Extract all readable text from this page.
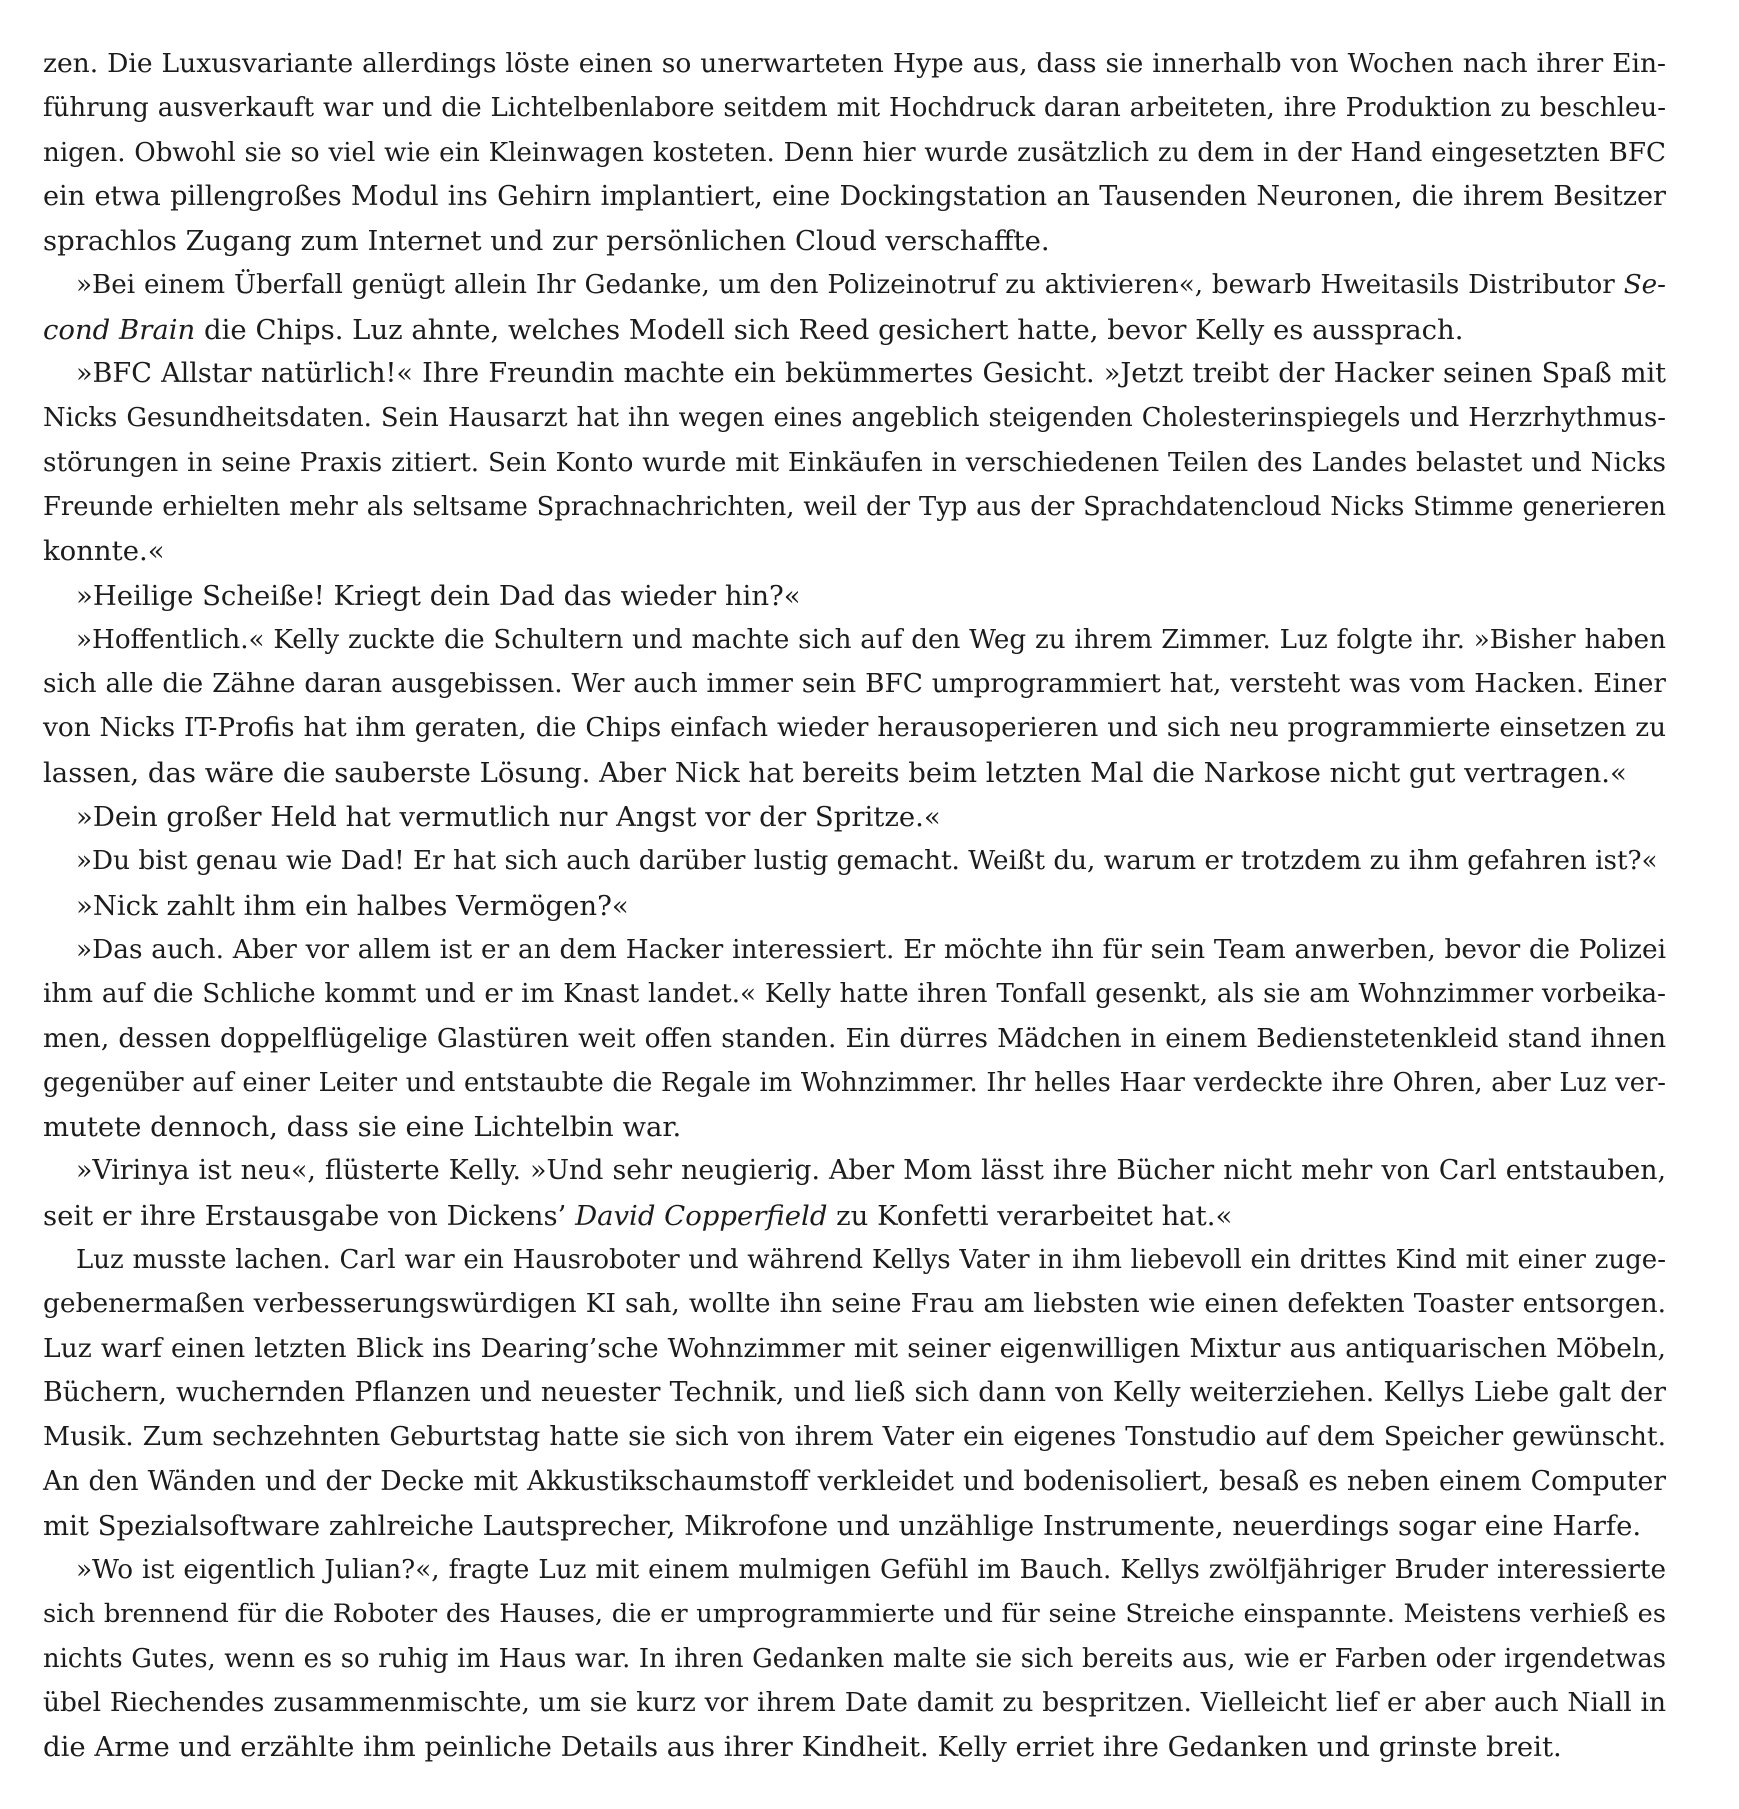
zen. Die Luxusvariante allerdings löste einen so unerwarteten Hype aus, dass sie innerhalb von Wochen nach ihrer Ein-
führung ausverkauft war und die Lichtelbenlabore seitdem mit Hochdruck daran arbeiteten, ihre Produktion zu beschleu-
nigen. Obwohl sie so viel wie ein Kleinwagen kosteten. Denn hier wurde zusätzlich zu dem in der Hand eingesetzten BFC
ein etwa pillengroßes Modul ins Gehirn implantiert, eine Dockingstation an Tausenden Neuronen, die ihrem Besitzer
sprachlos Zugang zum Internet und zur persönlichen Cloud verschaffte.
»Bei einem Überfall genügt allein Ihr Gedanke, um den Polizeinotruf zu aktivieren«, bewarb Hweitasils Distributor Se-
cond Brain die Chips. Luz ahnte, welches Modell sich Reed gesichert hatte, bevor Kelly es aussprach.
»BFC Allstar natürlich!« Ihre Freundin machte ein bekümmertes Gesicht. »Jetzt treibt der Hacker seinen Spaß mit
Nicks Gesundheitsdaten. Sein Hausarzt hat ihn wegen eines angeblich steigenden Cholesterinspiegels und Herzrhythmus-
störungen in seine Praxis zitiert. Sein Konto wurde mit Einkäufen in verschiedenen Teilen des Landes belastet und Nicks
Freunde erhielten mehr als seltsame Sprachnachrichten, weil der Typ aus der Sprachdatencloud Nicks Stimme generieren
konnte.«
»Heilige Scheiße! Kriegt dein Dad das wieder hin?«
»Hoffentlich.« Kelly zuckte die Schultern und machte sich auf den Weg zu ihrem Zimmer. Luz folgte ihr. »Bisher haben
sich alle die Zähne daran ausgebissen. Wer auch immer sein BFC umprogrammiert hat, versteht was vom Hacken. Einer
von Nicks IT-Profis hat ihm geraten, die Chips einfach wieder herausoperieren und sich neu programmierte einsetzen zu
lassen, das wäre die sauberste Lösung. Aber Nick hat bereits beim letzten Mal die Narkose nicht gut vertragen.«
»Dein großer Held hat vermutlich nur Angst vor der Spritze.«
»Du bist genau wie Dad! Er hat sich auch darüber lustig gemacht. Weißt du, warum er trotzdem zu ihm gefahren ist?«
»Nick zahlt ihm ein halbes Vermögen?«
»Das auch. Aber vor allem ist er an dem Hacker interessiert. Er möchte ihn für sein Team anwerben, bevor die Polizei
ihm auf die Schliche kommt und er im Knast landet.« Kelly hatte ihren Tonfall gesenkt, als sie am Wohnzimmer vorbeika-
men, dessen doppelflügelige Glastüren weit offen standen. Ein dürres Mädchen in einem Bedienstetenkleid stand ihnen
gegenüber auf einer Leiter und entstaubte die Regale im Wohnzimmer. Ihr helles Haar verdeckte ihre Ohren, aber Luz ver-
mutete dennoch, dass sie eine Lichtelbin war.
»Virinya ist neu«, flüsterte Kelly. »Und sehr neugierig. Aber Mom lässt ihre Bücher nicht mehr von Carl entstauben,
seit er ihre Erstausgabe von Dickens’ David Copperfield zu Konfetti verarbeitet hat.«
Luz musste lachen. Carl war ein Hausroboter und während Kellys Vater in ihm liebevoll ein drittes Kind mit einer zuge-
gebenermaßen verbesserungswürdigen KI sah, wollte ihn seine Frau am liebsten wie einen defekten Toaster entsorgen.
Luz warf einen letzten Blick ins Dearing’sche Wohnzimmer mit seiner eigenwilligen Mixtur aus antiquarischen Möbeln,
Büchern, wuchernden Pflanzen und neuester Technik, und ließ sich dann von Kelly weiterziehen. Kellys Liebe galt der
Musik. Zum sechzehnten Geburtstag hatte sie sich von ihrem Vater ein eigenes Tonstudio auf dem Speicher gewünscht.
An den Wänden und der Decke mit Akkustikschaumstoff verkleidet und bodenisoliert, besaß es neben einem Computer
mit Spezialsoftware zahlreiche Lautsprecher, Mikrofone und unzählige Instrumente, neuerdings sogar eine Harfe.
»Wo ist eigentlich Julian?«, fragte Luz mit einem mulmigen Gefühl im Bauch. Kellys zwölfjähriger Bruder interessierte
sich brennend für die Roboter des Hauses, die er umprogrammierte und für seine Streiche einspannte. Meistens verhieß es
nichts Gutes, wenn es so ruhig im Haus war. In ihren Gedanken malte sie sich bereits aus, wie er Farben oder irgendetwas
übel Riechendes zusammenmischte, um sie kurz vor ihrem Date damit zu bespritzen. Vielleicht lief er aber auch Niall in
die Arme und erzählte ihm peinliche Details aus ihrer Kindheit. Kelly erriet ihre Gedanken und grinste breit.
